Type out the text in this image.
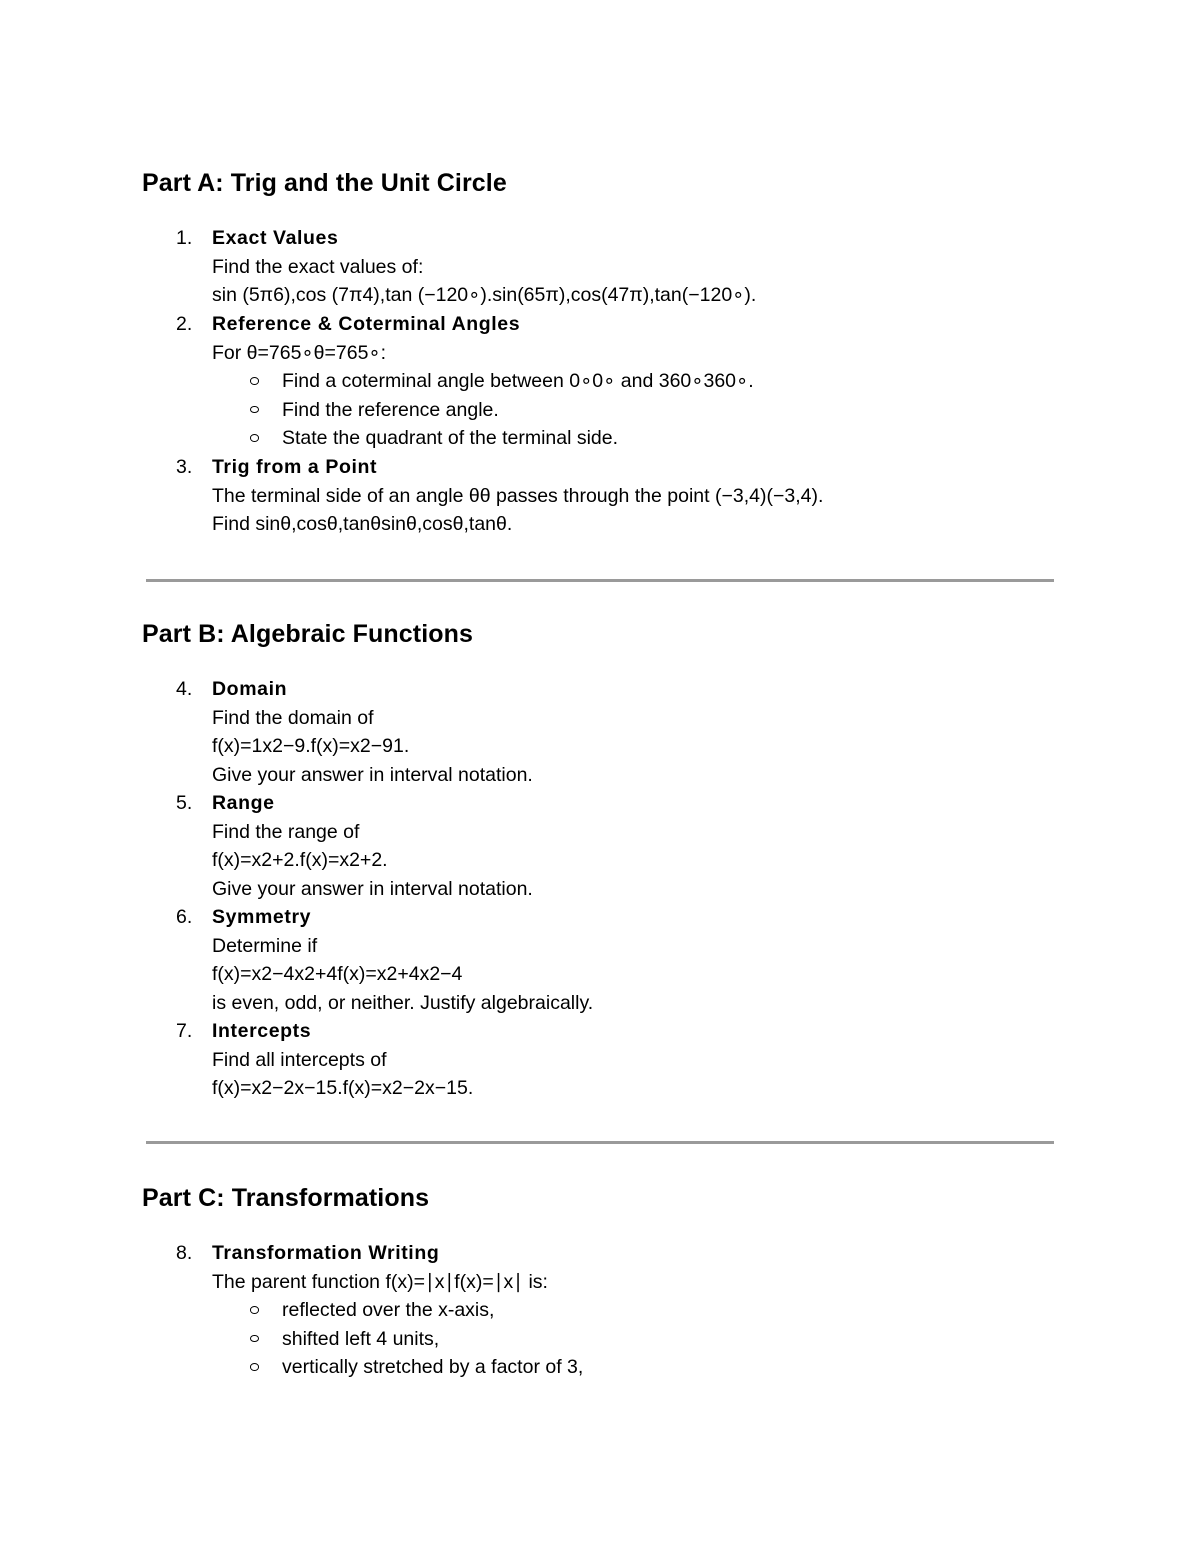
Part A: Trig and the Unit Circle
1.	Exact Values
Find the exact values of:
sin (5π6),cos (7π4),tan (−120∘).sin(65π),cos(47π),tan(−120∘).
2.	Reference & Coterminal Angles
For θ=765∘θ=765∘:
Find a coterminal angle between 0∘0∘ and 360∘360∘.
Find the reference angle.
State the quadrant of the terminal side.
3.	Trig from a Point
The terminal side of an angle θθ passes through the point (−3,4)(−3,4).
Find sinθ,cosθ,tanθsinθ,cosθ,tanθ.
Part B: Algebraic Functions
4.	Domain
Find the domain of
f(x)=1x2−9.f(x)=x2−91.
Give your answer in interval notation.
5.	Range
Find the range of
f(x)=x2+2.f(x)=x2+2.
Give your answer in interval notation.
6.	Symmetry
Determine if
f(x)=x2−4x2+4f(x)=x2+4x2−4
is even, odd, or neither. Justify algebraically.
7.	Intercepts
Find all intercepts of
f(x)=x2−2x−15.f(x)=x2−2x−15.
Part C: Transformations
8.	Transformation Writing
The parent function f(x)=∣x∣f(x)=∣x∣ is:
reflected over the x-axis,
shifted left 4 units,
vertically stretched by a factor of 3,
